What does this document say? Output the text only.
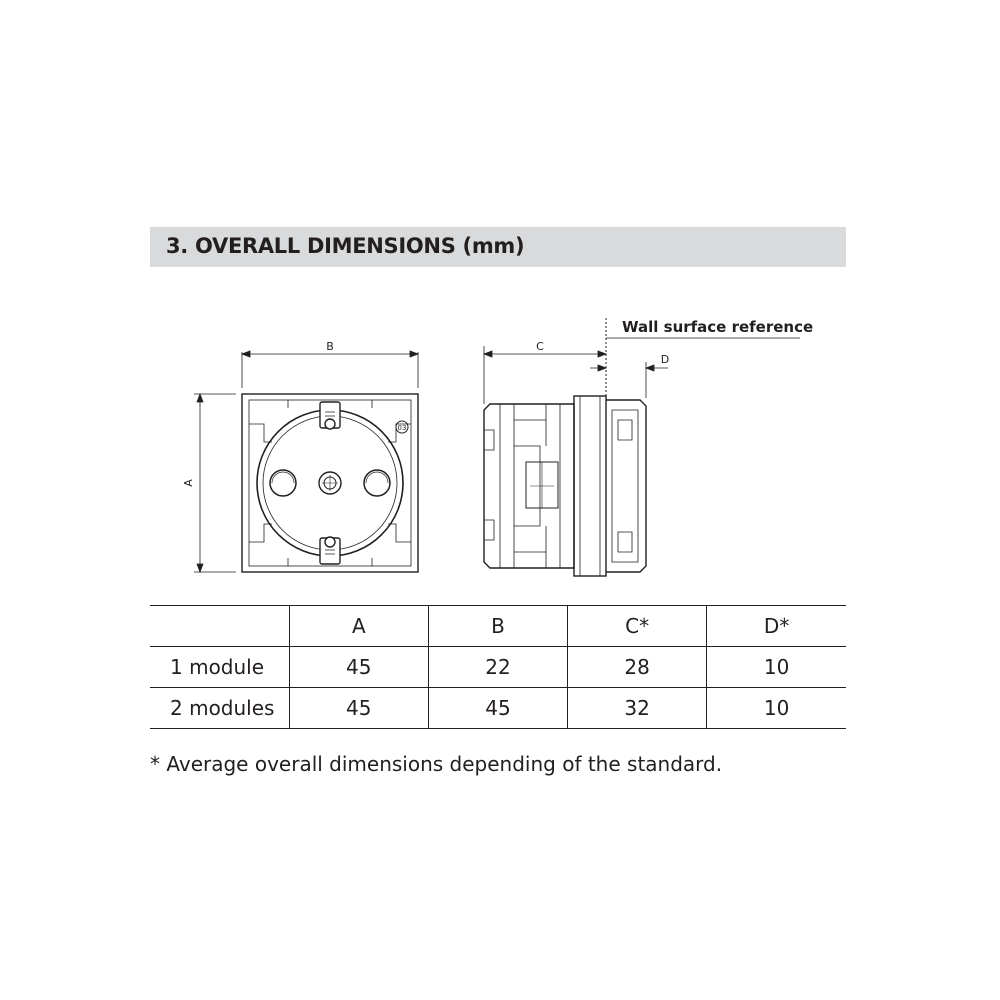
3. OVERALL DIMENSIONS (mm)
03
B
A
Wall surface reference
C
D
	A	B	C*	D*
1 module	45	22	28	10
2 modules	45	45	32	10
* Average overall dimensions depending of the standard.
